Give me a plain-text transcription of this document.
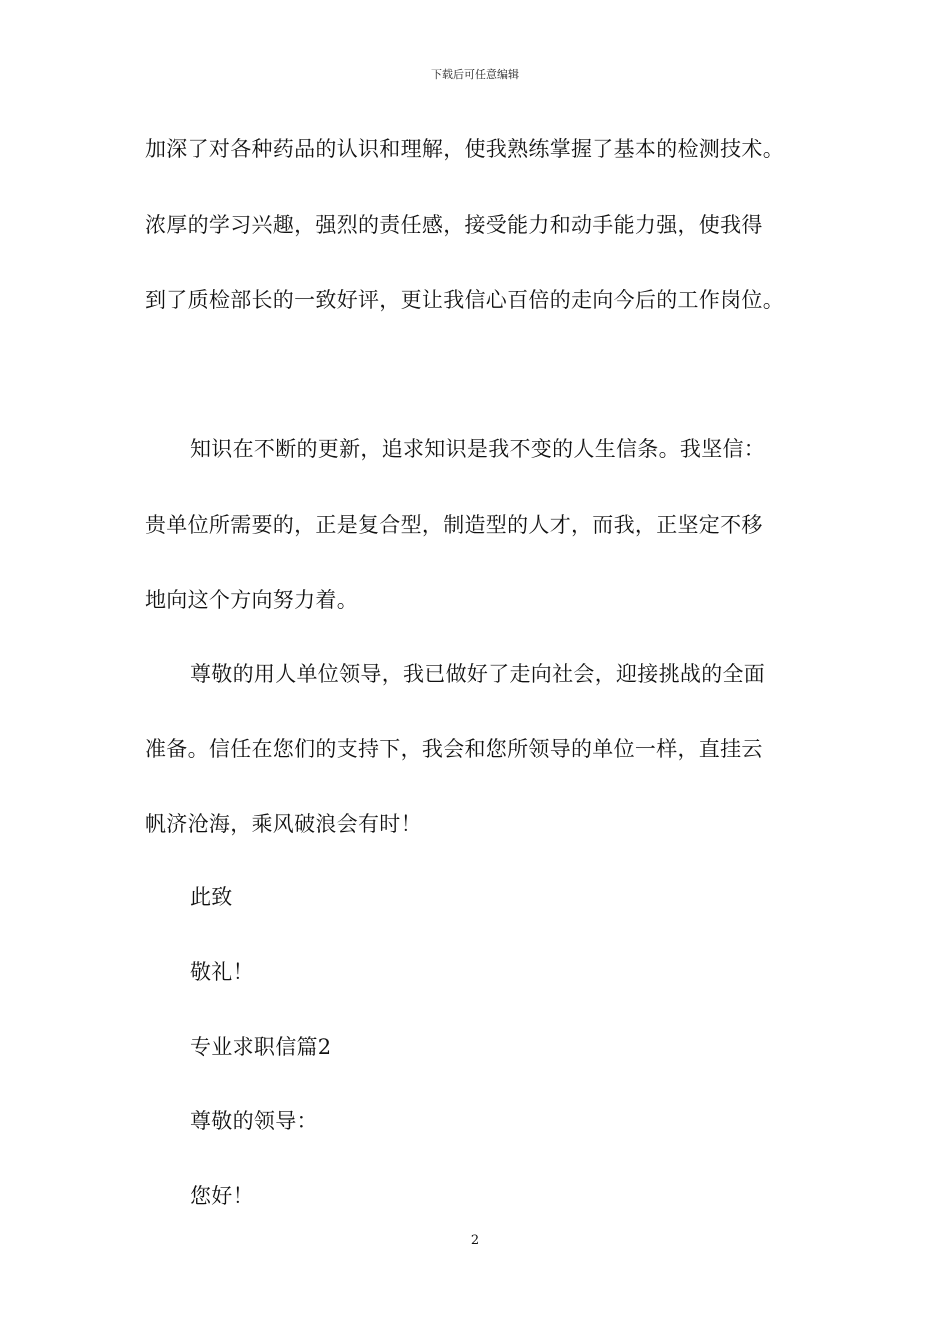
下载后可任意编辑
加深了对各种药品的认识和理解，使我熟练掌握了基本的检测技术。
浓厚的学习兴趣，强烈的责任感，接受能力和动手能力强，使我得
到了质检部长的一致好评，更让我信心百倍的走向今后的工作岗位。
知识在不断的更新，追求知识是我不变的人生信条。我坚信：
贵单位所需要的，正是复合型，制造型的人才，而我，正坚定不移
地向这个方向努力着。
尊敬的用人单位领导，我已做好了走向社会，迎接挑战的全面
准备。信任在您们的支持下，我会和您所领导的单位一样，直挂云
帆济沧海，乘风破浪会有时！
此致
敬礼！
专业求职信篇2
尊敬的领导：
您好！
2
